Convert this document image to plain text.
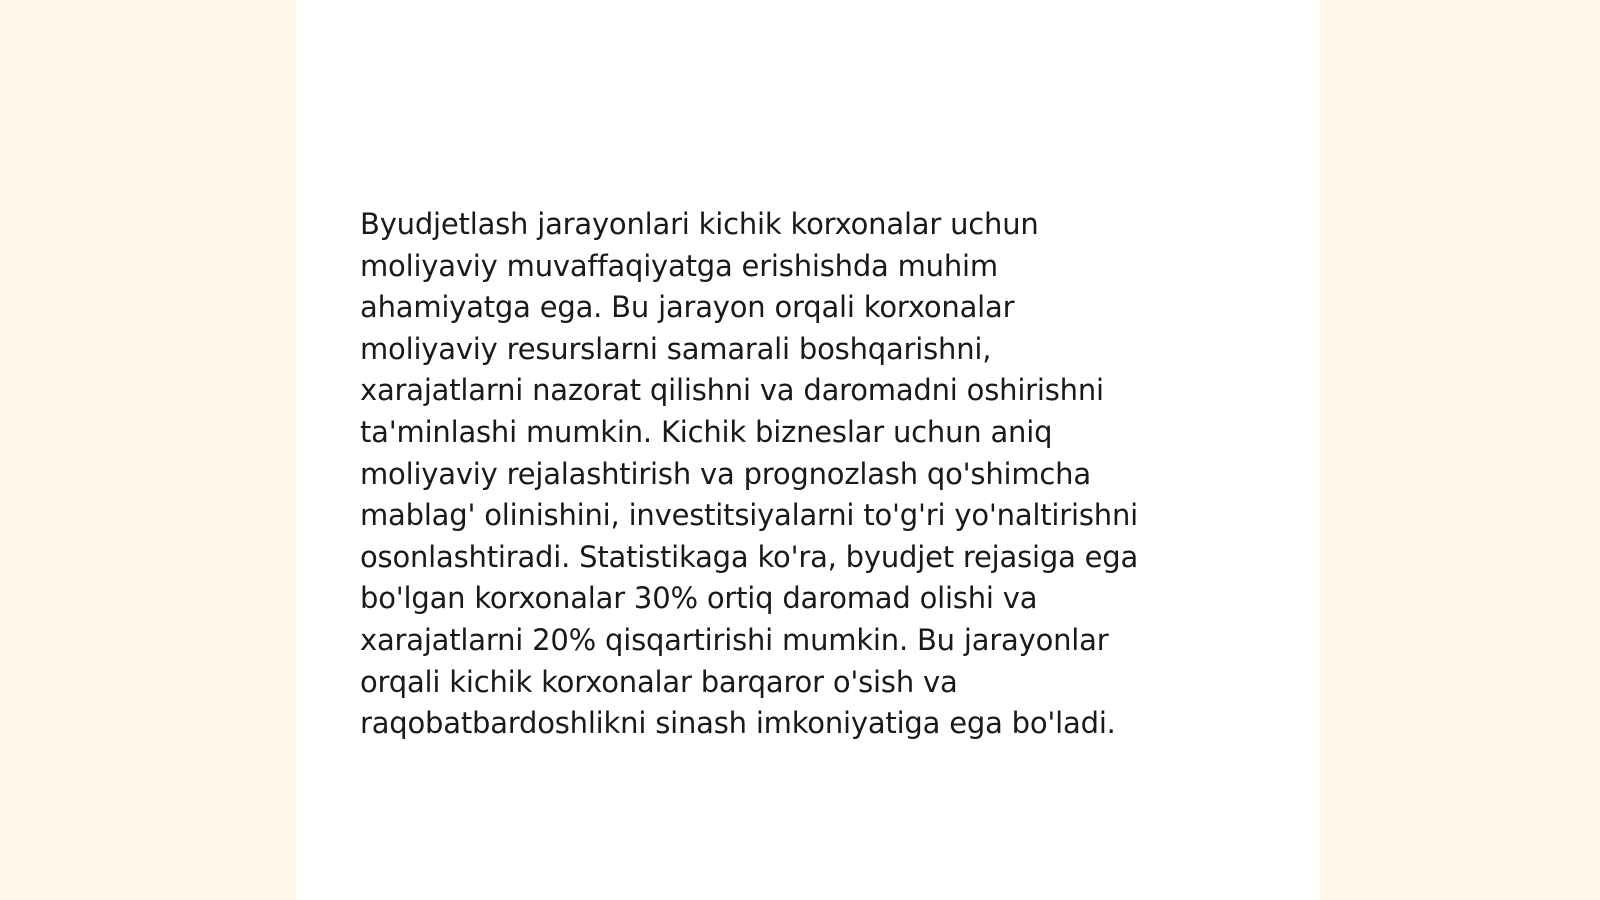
Byudjetlash jarayonlari kichik korxonalar uchun
moliyaviy muvaffaqiyatga erishishda muhim
ahamiyatga ega. Bu jarayon orqali korxonalar
moliyaviy resurslarni samarali boshqarishni,
xarajatlarni nazorat qilishni va daromadni oshirishni
ta'minlashi mumkin. Kichik bizneslar uchun aniq
moliyaviy rejalashtirish va prognozlash qo'shimcha
mablag' olinishini, investitsiyalarni to'g'ri yo'naltirishni
osonlashtiradi. Statistikaga ko'ra, byudjet rejasiga ega
bo'lgan korxonalar 30% ortiq daromad olishi va
xarajatlarni 20% qisqartirishi mumkin. Bu jarayonlar
orqali kichik korxonalar barqaror o'sish va
raqobatbardoshlikni sinash imkoniyatiga ega bo'ladi.
